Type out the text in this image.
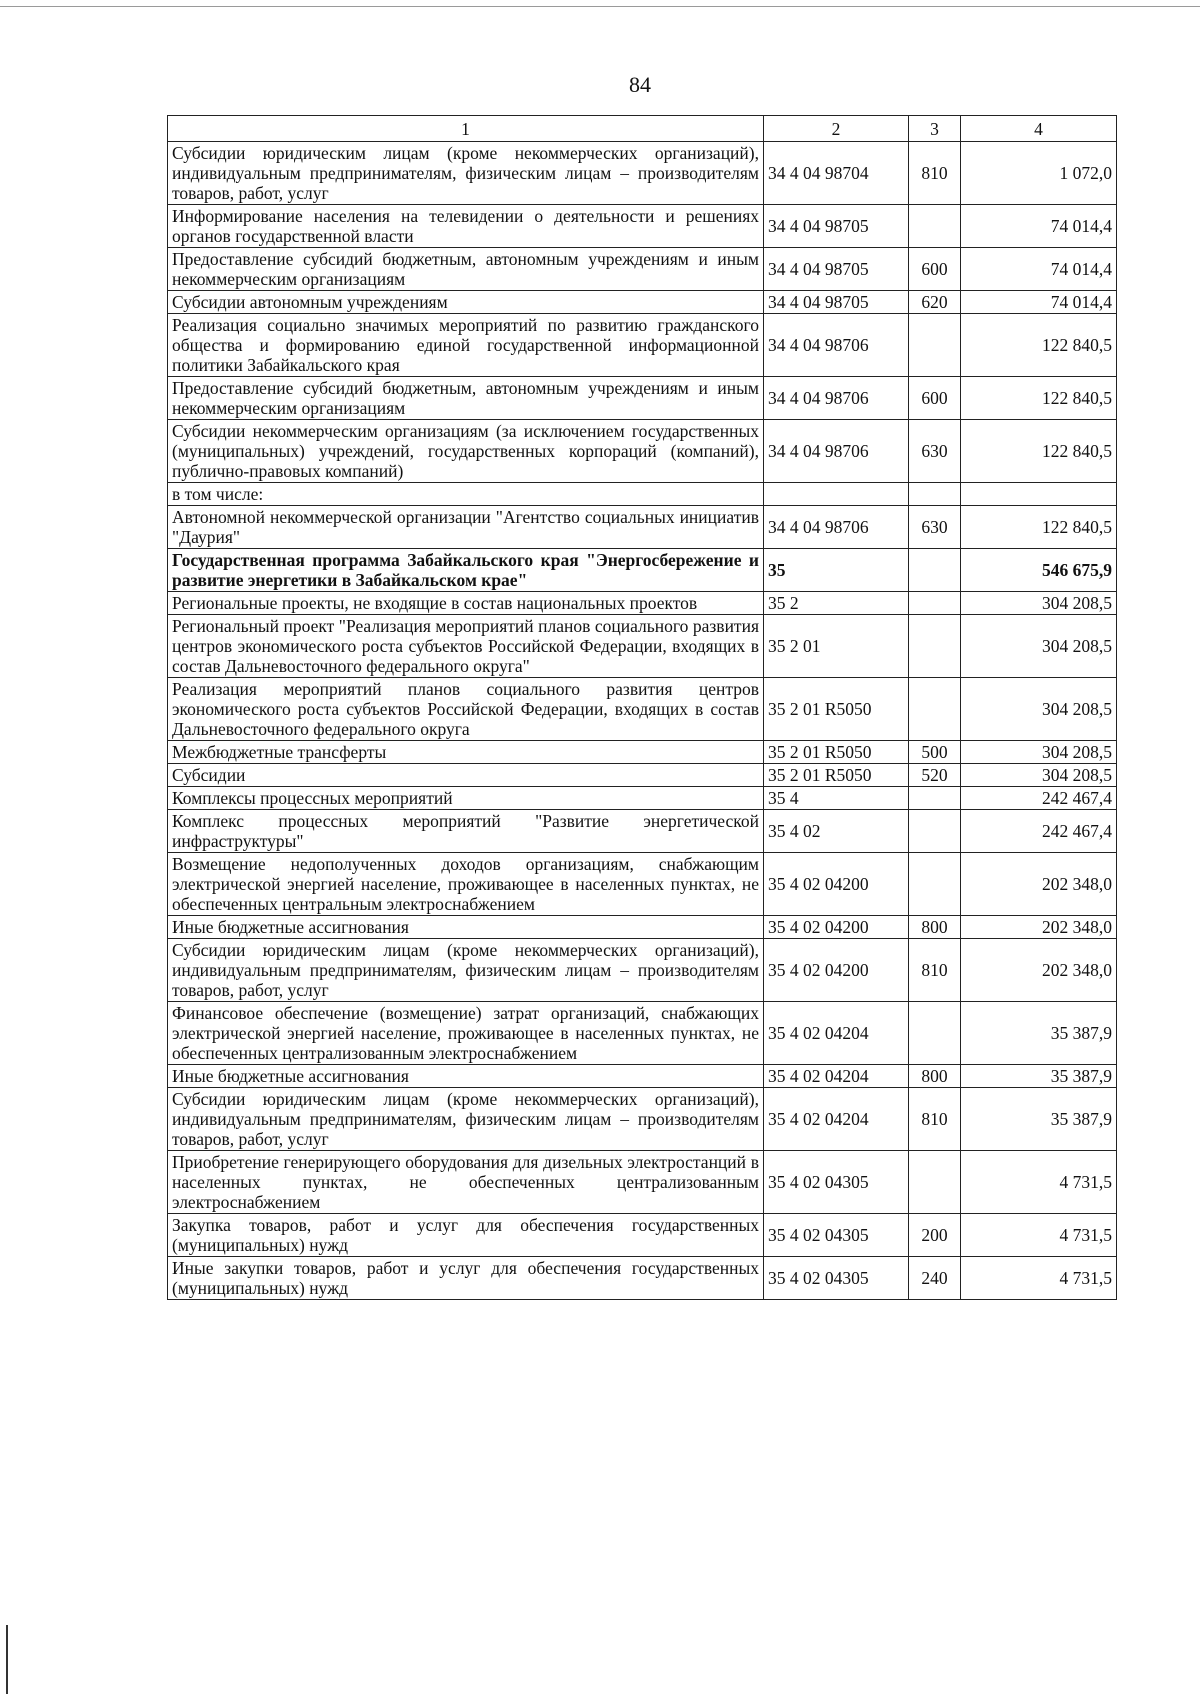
84
1	2	3	4
Субсидии юридическим лицам (кроме некоммерческих организаций), индивидуальным предпринимателям, физическим лицам – производителям товаров, работ, услуг	34 4 04 98704	810	1 072,0
Информирование населения на телевидении о деятельности и решениях органов государственной власти	34 4 04 98705		74 014,4
Предоставление субсидий бюджетным, автономным учреждениям и иным некоммерческим организациям	34 4 04 98705	600	74 014,4
Субсидии автономным учреждениям	34 4 04 98705	620	74 014,4
Реализация социально значимых мероприятий по развитию гражданского общества и формированию единой государственной информационной политики Забайкальского края	34 4 04 98706		122 840,5
Предоставление субсидий бюджетным, автономным учреждениям и иным некоммерческим организациям	34 4 04 98706	600	122 840,5
Субсидии некоммерческим организациям (за исключением государственных (муниципальных) учреждений, государственных корпораций (компаний), публично-правовых компаний)	34 4 04 98706	630	122 840,5
в том числе:			
Автономной некоммерческой организации "Агентство социальных инициатив "Даурия"	34 4 04 98706	630	122 840,5
Государственная программа Забайкальского края "Энергосбережение и развитие энергетики в Забайкальском крае"	35		546 675,9
Региональные проекты, не входящие в состав национальных проектов	35 2		304 208,5
Региональный проект "Реализация мероприятий планов социального развития центров экономического роста субъектов Российской Федерации, входящих в состав Дальневосточного федерального округа"	35 2 01		304 208,5
Реализация мероприятий планов социального развития центров экономического роста субъектов Российской Федерации, входящих в состав Дальневосточного федерального округа	35 2 01 R5050		304 208,5
Межбюджетные трансферты	35 2 01 R5050	500	304 208,5
Субсидии	35 2 01 R5050	520	304 208,5
Комплексы процессных мероприятий	35 4		242 467,4
Комплекс процессных мероприятий "Развитие энергетической инфраструктуры"	35 4 02		242 467,4
Возмещение недополученных доходов организациям, снабжающим электрической энергией население, проживающее в населенных пунктах, не обеспеченных центральным электроснабжением	35 4 02 04200		202 348,0
Иные бюджетные ассигнования	35 4 02 04200	800	202 348,0
Субсидии юридическим лицам (кроме некоммерческих организаций), индивидуальным предпринимателям, физическим лицам – производителям товаров, работ, услуг	35 4 02 04200	810	202 348,0
Финансовое обеспечение (возмещение) затрат организаций, снабжающих электрической энергией население, проживающее в населенных пунктах, не обеспеченных централизованным электроснабжением	35 4 02 04204		35 387,9
Иные бюджетные ассигнования	35 4 02 04204	800	35 387,9
Субсидии юридическим лицам (кроме некоммерческих организаций), индивидуальным предпринимателям, физическим лицам – производителям товаров, работ, услуг	35 4 02 04204	810	35 387,9
Приобретение генерирующего оборудования для дизельных электростанций в населенных пунктах, не обеспеченных централизованным электроснабжением	35 4 02 04305		4 731,5
Закупка товаров, работ и услуг для обеспечения государственных (муниципальных) нужд	35 4 02 04305	200	4 731,5
Иные закупки товаров, работ и услуг для обеспечения государственных (муниципальных) нужд	35 4 02 04305	240	4 731,5
